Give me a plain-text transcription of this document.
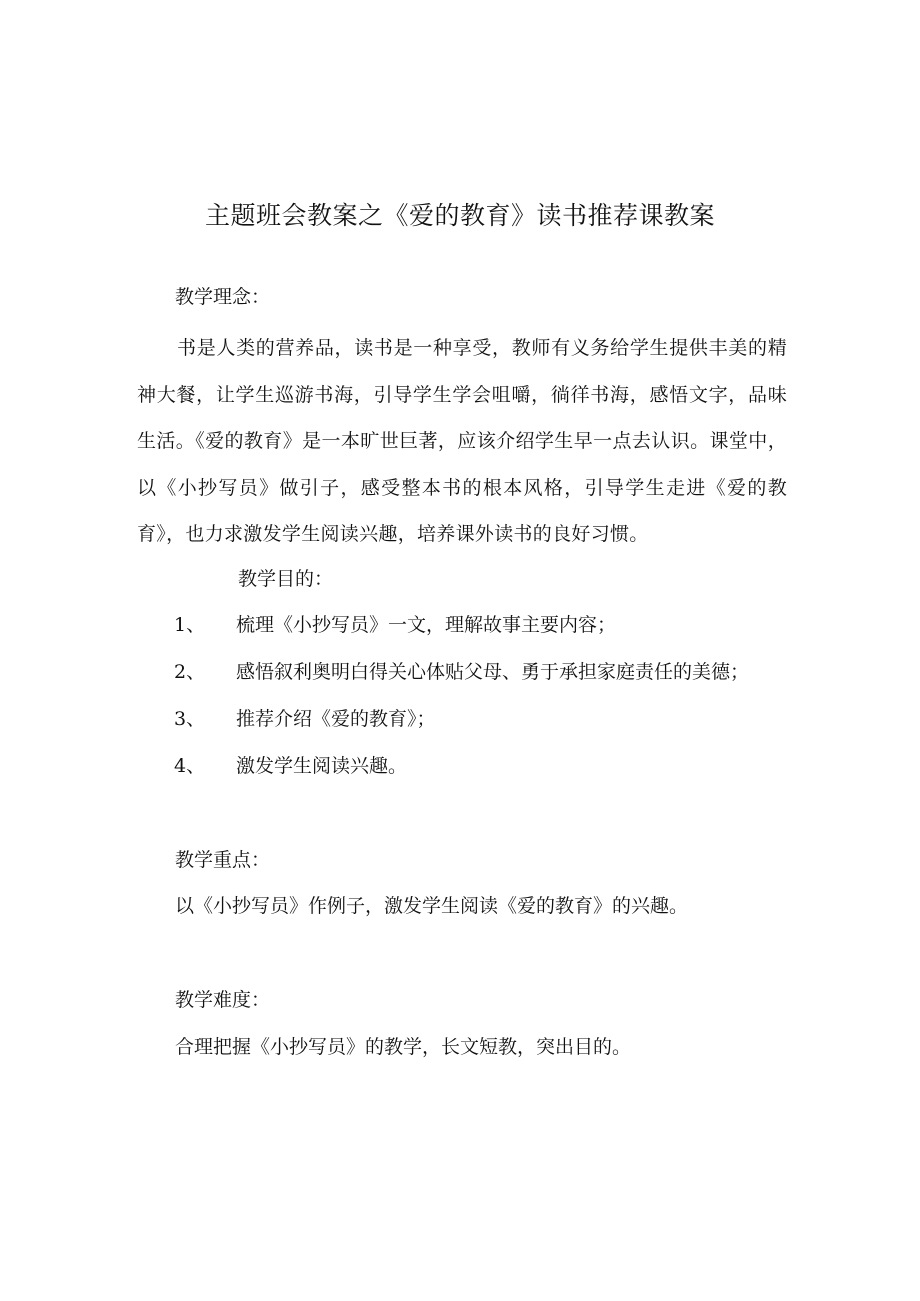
主题班会教案之《爱的教育》读书推荐课教案
教学理念：
书是人类的营养品，读书是一种享受，教师有义务给学生提供丰美的精神大餐，让学生巡游书海，引导学生学会咀嚼，徜徉书海，感悟文字，品味生活。《爱的教育》是一本旷世巨著，应该介绍学生早一点去认识。课堂中，以《小抄写员》做引子，感受整本书的根本风格，引导学生走进《爱的教育》，也力求激发学生阅读兴趣，培养课外读书的良好习惯。
教学目的：
1、 梳理《小抄写员》一文，理解故事主要内容；
2、 感悟叙利奥明白得关心体贴父母、勇于承担家庭责任的美德；
3、 推荐介绍《爱的教育》；
4、 激发学生阅读兴趣。
教学重点：
以《小抄写员》作例子，激发学生阅读《爱的教育》的兴趣。
教学难度：
合理把握《小抄写员》的教学，长文短教，突出目的。
